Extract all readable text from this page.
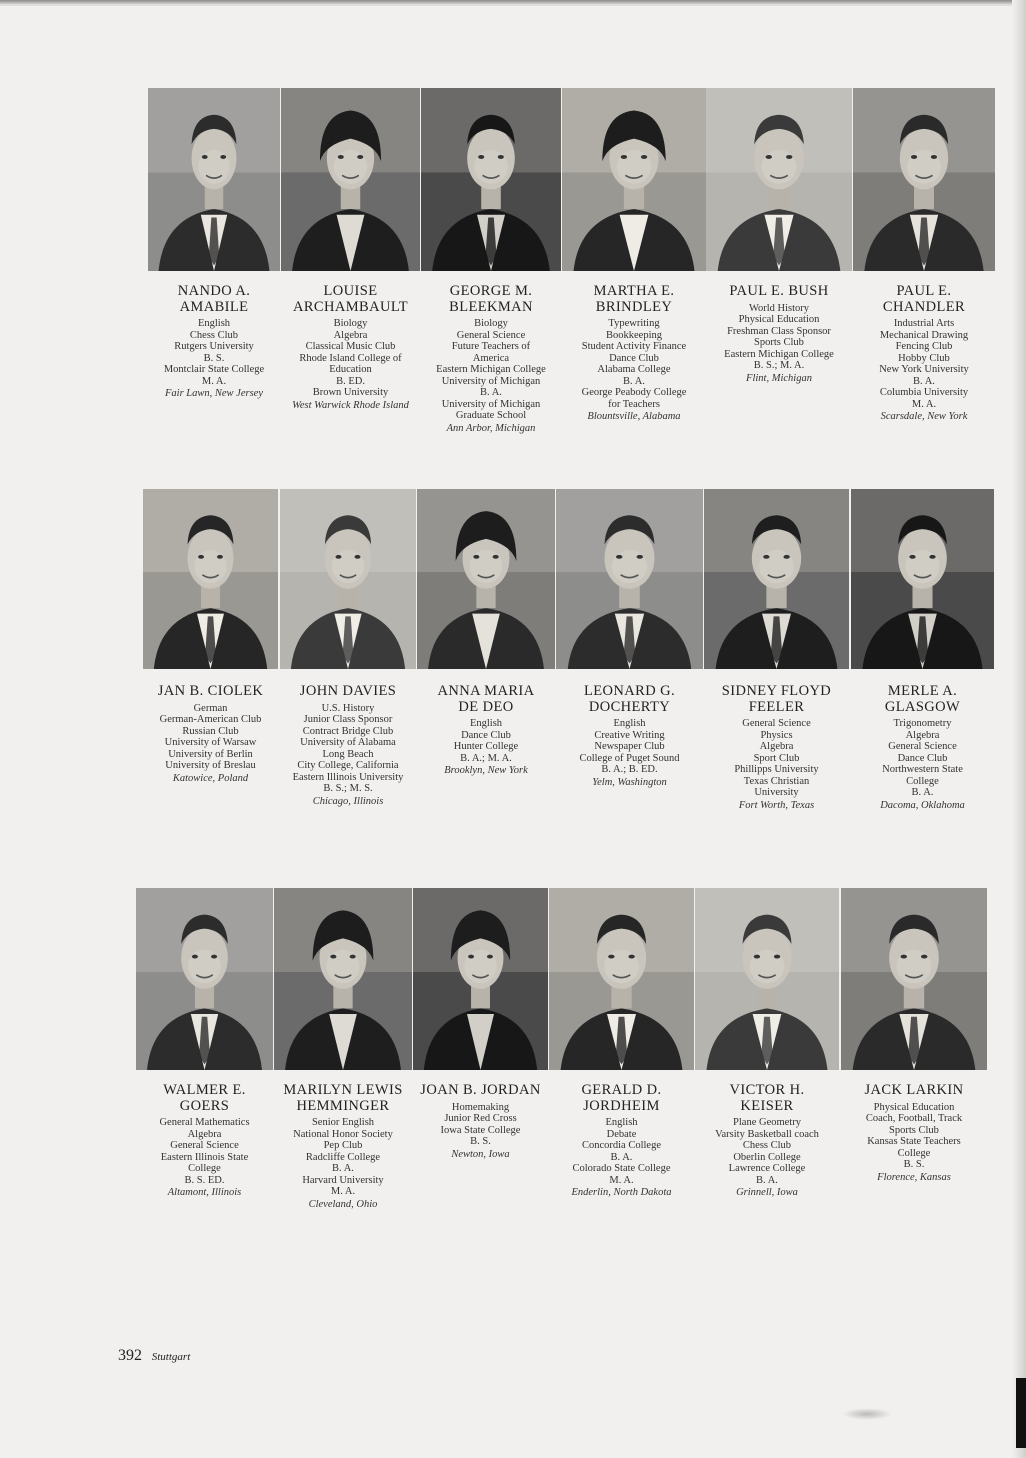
NANDO A.
AMABILE
English
Chess Club
Rutgers University
B. S.
Montclair State College
M. A.
Fair Lawn, New Jersey
LOUISE
ARCHAMBAULT
Biology
Algebra
Classical Music Club
Rhode Island College of
Education
B. ED.
Brown University
West Warwick Rhode Island
GEORGE M.
BLEEKMAN
Biology
General Science
Future Teachers of
America
Eastern Michigan College
University of Michigan
B. A.
University of Michigan
Graduate School
Ann Arbor, Michigan
MARTHA E.
BRINDLEY
Typewriting
Bookkeeping
Student Activity Finance
Dance Club
Alabama College
B. A.
George Peabody College
for Teachers
Blountsville, Alabama
PAUL E. BUSH
World History
Physical Education
Freshman Class Sponsor
Sports Club
Eastern Michigan College
B. S.; M. A.
Flint, Michigan
PAUL E.
CHANDLER
Industrial Arts
Mechanical Drawing
Fencing Club
Hobby Club
New York University
B. A.
Columbia University
M. A.
Scarsdale, New York
JAN B. CIOLEK
German
German-American Club
Russian Club
University of Warsaw
University of Berlin
University of Breslau
Katowice, Poland
JOHN DAVIES
U.S. History
Junior Class Sponsor
Contract Bridge Club
University of Alabama
Long Beach
City College, California
Eastern Illinois University
B. S.; M. S.
Chicago, Illinois
ANNA MARIA
DE DEO
English
Dance Club
Hunter College
B. A.; M. A.
Brooklyn, New York
LEONARD G.
DOCHERTY
English
Creative Writing
Newspaper Club
College of Puget Sound
B. A.; B. ED.
Yelm, Washington
SIDNEY FLOYD
FEELER
General Science
Physics
Algebra
Sport Club
Phillipps University
Texas Christian
University
Fort Worth, Texas
MERLE A.
GLASGOW
Trigonometry
Algebra
General Science
Dance Club
Northwestern State
College
B. A.
Dacoma, Oklahoma
WALMER E.
GOERS
General Mathematics
Algebra
General Science
Eastern Illinois State
College
B. S. ED.
Altamont, Illinois
MARILYN LEWIS
HEMMINGER
Senior English
National Honor Society
Pep Club
Radcliffe College
B. A.
Harvard University
M. A.
Cleveland, Ohio
JOAN B. JORDAN
Homemaking
Junior Red Cross
Iowa State College
B. S.
Newton, Iowa
GERALD D.
JORDHEIM
English
Debate
Concordia College
B. A.
Colorado State College
M. A.
Enderlin, North Dakota
VICTOR H.
KEISER
Plane Geometry
Varsity Basketball coach
Chess Club
Oberlin College
Lawrence College
B. A.
Grinnell, Iowa
JACK LARKIN
Physical Education
Coach, Football, Track
Sports Club
Kansas State Teachers
College
B. S.
Florence, Kansas
392 Stuttgart
